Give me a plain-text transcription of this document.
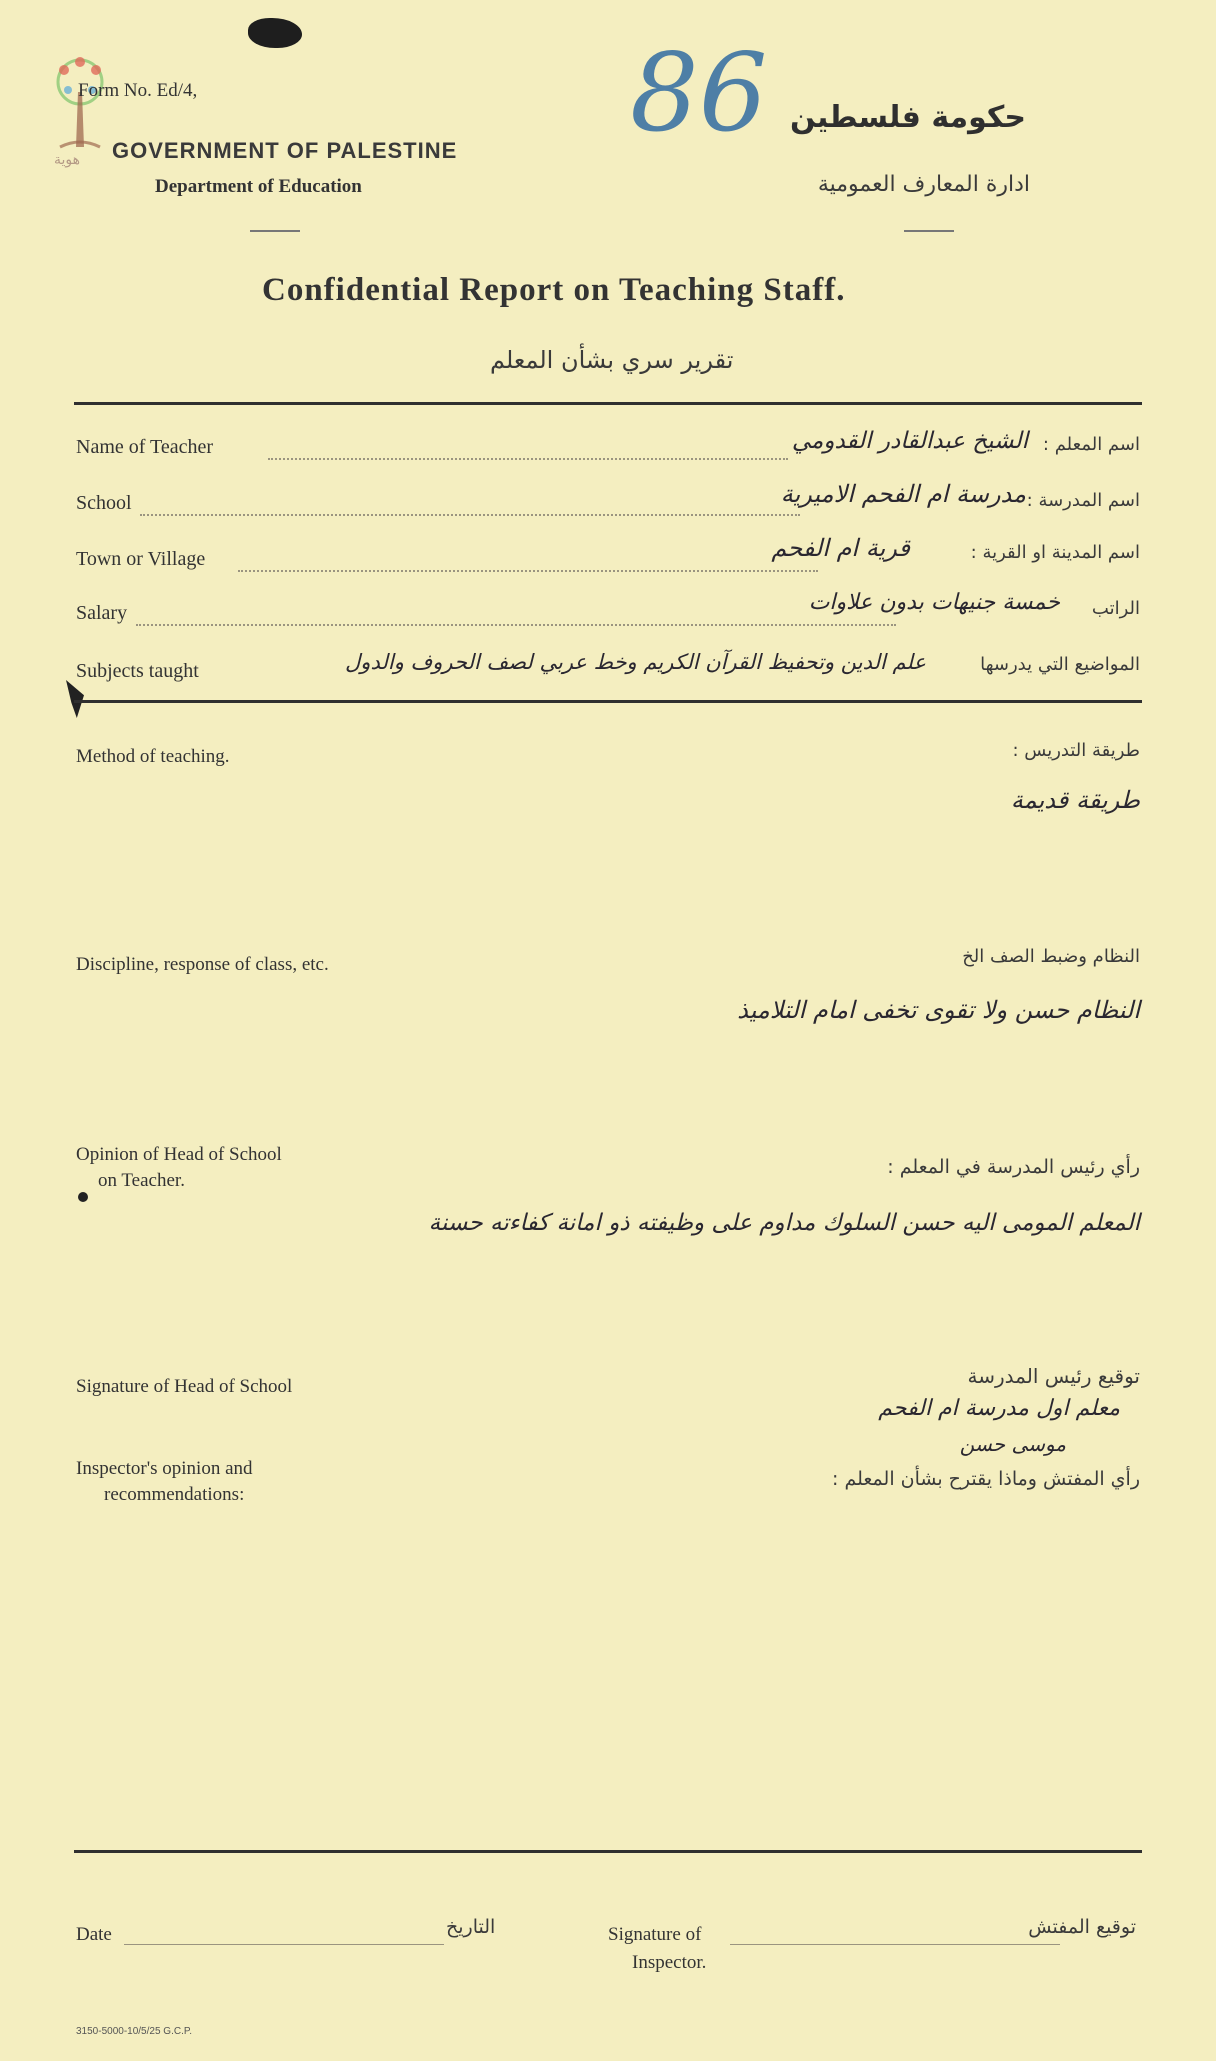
هوية
Form No. Ed/4,
GOVERNMENT OF PALESTINE
Department of Education
86 حكومة فلسطين
ادارة المعارف العمومية
Confidential Report on Teaching Staff.
تقرير سري بشأن المعلم
Name of Teacher	اسم المعلم :
الشيخ عبدالقادر القدومي
School	اسم المدرسة :
مدرسة ام الفحم الاميرية
Town or Village	اسم المدينة او القرية :
قرية ام الفحم
Salary	الراتب
خمسة جنيهات بدون علاوات
Subjects taught	المواضيع التي يدرسها
علم الدين وتحفيظ القرآن الكريم وخط عربي لصف الحروف والدول
Method of teaching.	طريقة التدريس :
طريقة قديمة
Discipline, response of class, etc.	النظام وضبط الصف الخ
النظام حسن ولا تقوى تخفى امام التلاميذ
Opinion of Head of School
on Teacher.
رأي رئيس المدرسة في المعلم :
المعلم المومى اليه حسن السلوك مداوم على وظيفته ذو امانة كفاءته حسنة
Signature of Head of School	توقيع رئيس المدرسة
معلم اول مدرسة ام الفحم
موسى حسن
Inspector's opinion and
recommendations:
رأي المفتش وماذا يقترح بشأن المعلم :
Date	التاريخ	Signature of
Inspector.
توقيع المفتش
3150-5000-10/5/25 G.C.P.
